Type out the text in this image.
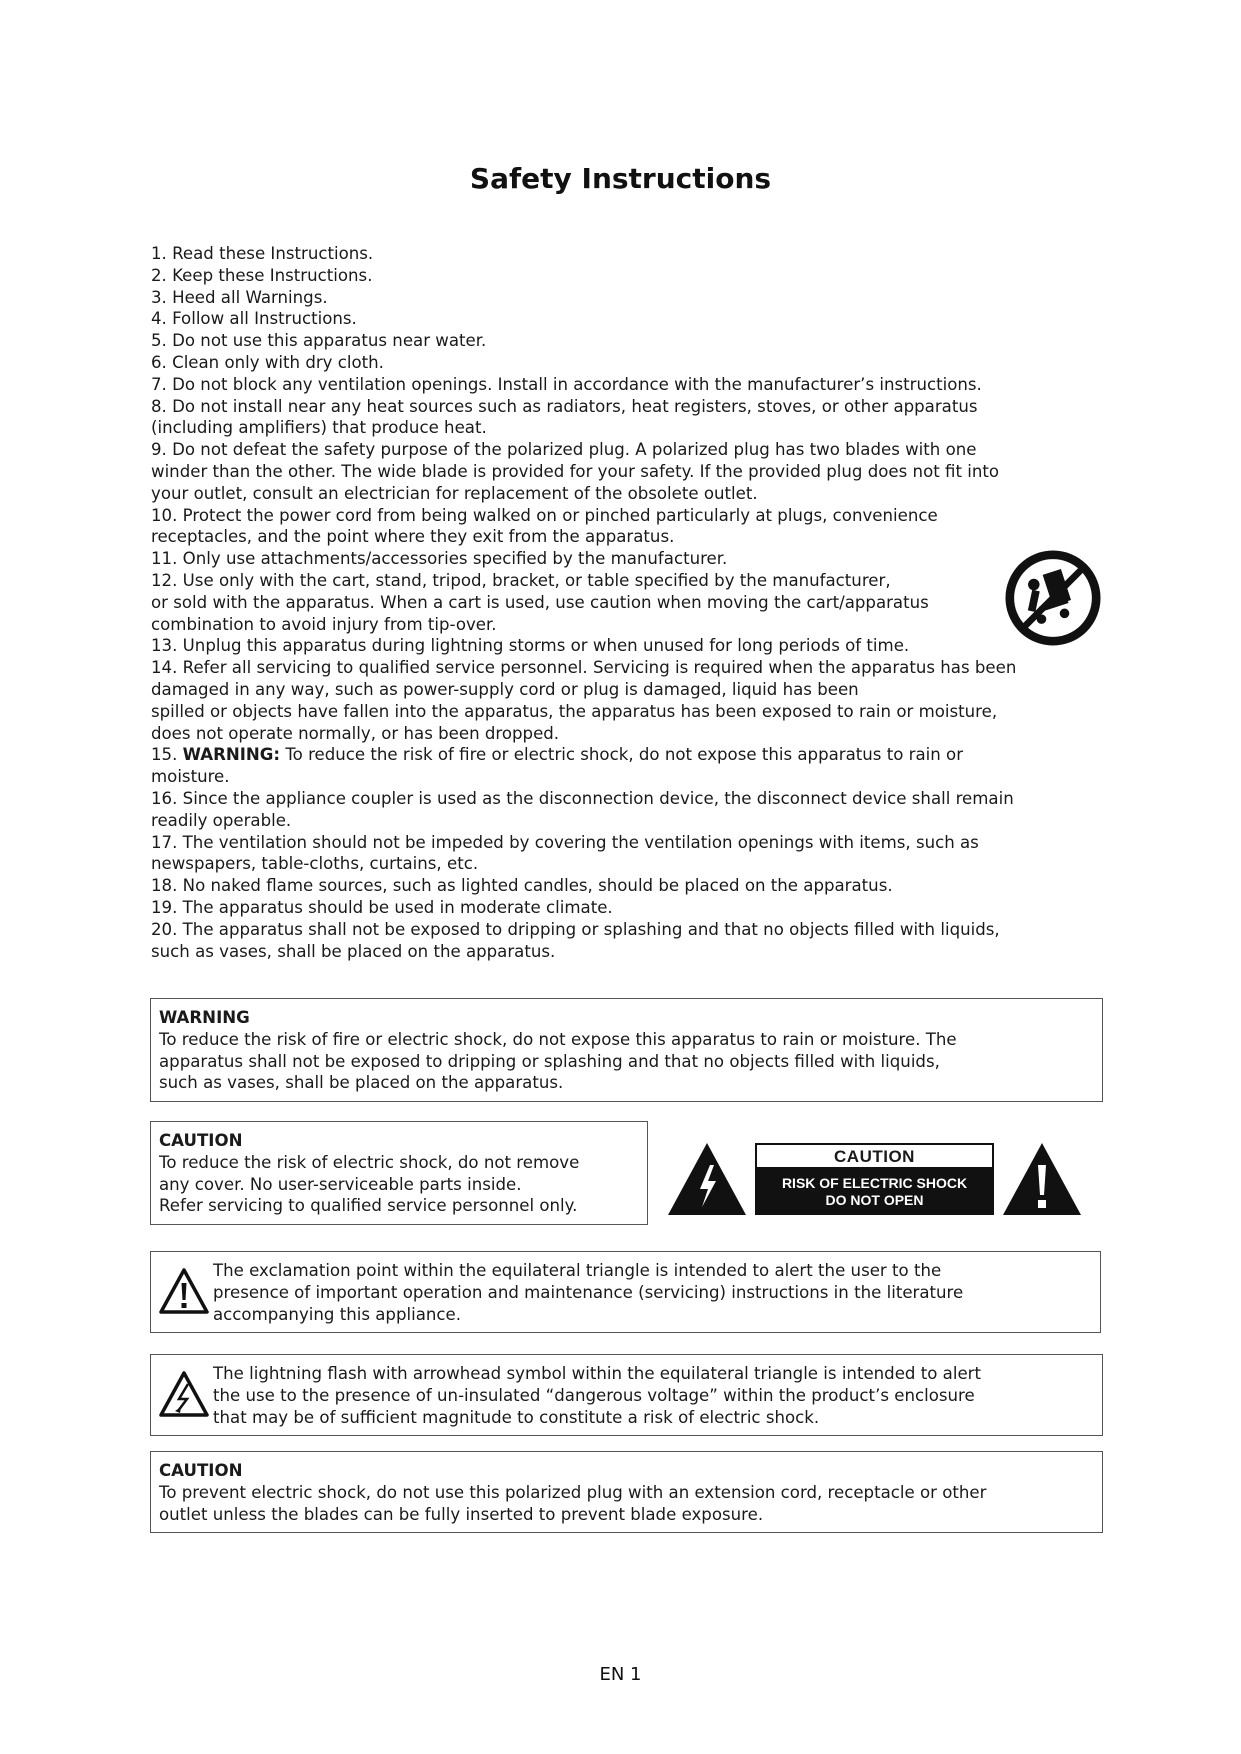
Safety Instructions
1. Read these Instructions.
2. Keep these Instructions.
3. Heed all Warnings.
4. Follow all Instructions.
5. Do not use this apparatus near water.
6. Clean only with dry cloth.
7. Do not block any ventilation openings. Install in accordance with the manufacturer’s instructions.
8. Do not install near any heat sources such as radiators, heat registers, stoves, or other apparatus
(including amplifiers) that produce heat.
9. Do not defeat the safety purpose of the polarized plug. A polarized plug has two blades with one
winder than the other. The wide blade is provided for your safety. If the provided plug does not fit into
your outlet, consult an electrician for replacement of the obsolete outlet.
10. Protect the power cord from being walked on or pinched particularly at plugs, convenience
receptacles, and the point where they exit from the apparatus.
11. Only use attachments/accessories specified by the manufacturer.
12. Use only with the cart, stand, tripod, bracket, or table specified by the manufacturer,
or sold with the apparatus. When a cart is used, use caution when moving the cart/apparatus
combination to avoid injury from tip-over.
13. Unplug this apparatus during lightning storms or when unused for long periods of time.
14. Refer all servicing to qualified service personnel. Servicing is required when the apparatus has been
damaged in any way, such as power-supply cord or plug is damaged, liquid has been
spilled or objects have fallen into the apparatus, the apparatus has been exposed to rain or moisture,
does not operate normally, or has been dropped.
15. WARNING: To reduce the risk of fire or electric shock, do not expose this apparatus to rain or
moisture.
16. Since the appliance coupler is used as the disconnection device, the disconnect device shall remain
readily operable.
17. The ventilation should not be impeded by covering the ventilation openings with items, such as
newspapers, table-cloths, curtains, etc.
18. No naked flame sources, such as lighted candles, should be placed on the apparatus.
19. The apparatus should be used in moderate climate.
20. The apparatus shall not be exposed to dripping or splashing and that no objects filled with liquids,
such as vases, shall be placed on the apparatus.
WARNING
To reduce the risk of fire or electric shock, do not expose this apparatus to rain or moisture. The
apparatus shall not be exposed to dripping or splashing and that no objects filled with liquids,
such as vases, shall be placed on the apparatus.
CAUTION
To reduce the risk of electric shock, do not remove
any cover. No user-serviceable parts inside.
Refer servicing to qualified service personnel only.
CAUTION
RISK OF ELECTRIC SHOCK
DO NOT OPEN
The exclamation point within the equilateral triangle is intended to alert the user to the
presence of important operation and maintenance (servicing) instructions in the literature
accompanying this appliance.
The lightning flash with arrowhead symbol within the equilateral triangle is intended to alert
the use to the presence of un-insulated “dangerous voltage” within the product’s enclosure
that may be of sufficient magnitude to constitute a risk of electric shock.
CAUTION
To prevent electric shock, do not use this polarized plug with an extension cord, receptacle or other
outlet unless the blades can be fully inserted to prevent blade exposure.
EN 1
